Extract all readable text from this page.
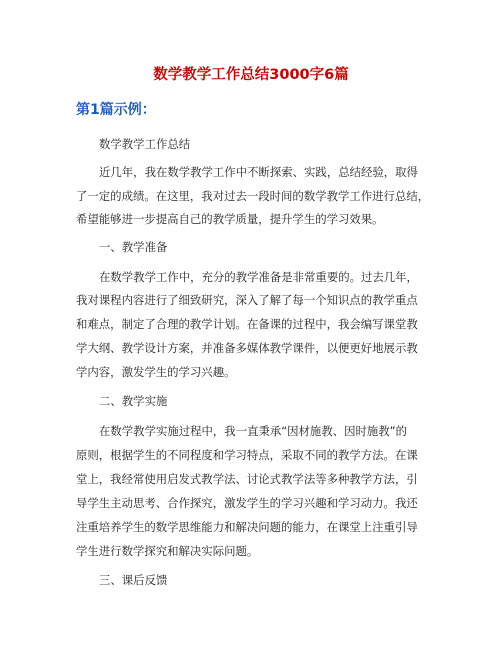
数学教学工作总结3000字6篇
第1篇示例：
数学教学工作总结
近几年，我在数学教学工作中不断探索、实践，总结经验，取得
了一定的成绩。在这里，我对过去一段时间的数学教学工作进行总结，
希望能够进一步提高自己的教学质量，提升学生的学习效果。
一、教学准备
在数学教学工作中，充分的教学准备是非常重要的。过去几年，
我对课程内容进行了细致研究，深入了解了每一个知识点的教学重点
和难点，制定了合理的教学计划。在备课的过程中，我会编写课堂教
学大纲、教学设计方案，并准备多媒体教学课件，以便更好地展示教
学内容，激发学生的学习兴趣。
二、教学实施
在数学教学实施过程中，我一直秉承“因材施教、因时施教”的
原则，根据学生的不同程度和学习特点，采取不同的教学方法。在课
堂上，我经常使用启发式教学法、讨论式教学法等多种教学方法，引
导学生主动思考、合作探究，激发学生的学习兴趣和学习动力。我还
注重培养学生的数学思维能力和解决问题的能力，在课堂上注重引导
学生进行数学探究和解决实际问题。
三、课后反馈
